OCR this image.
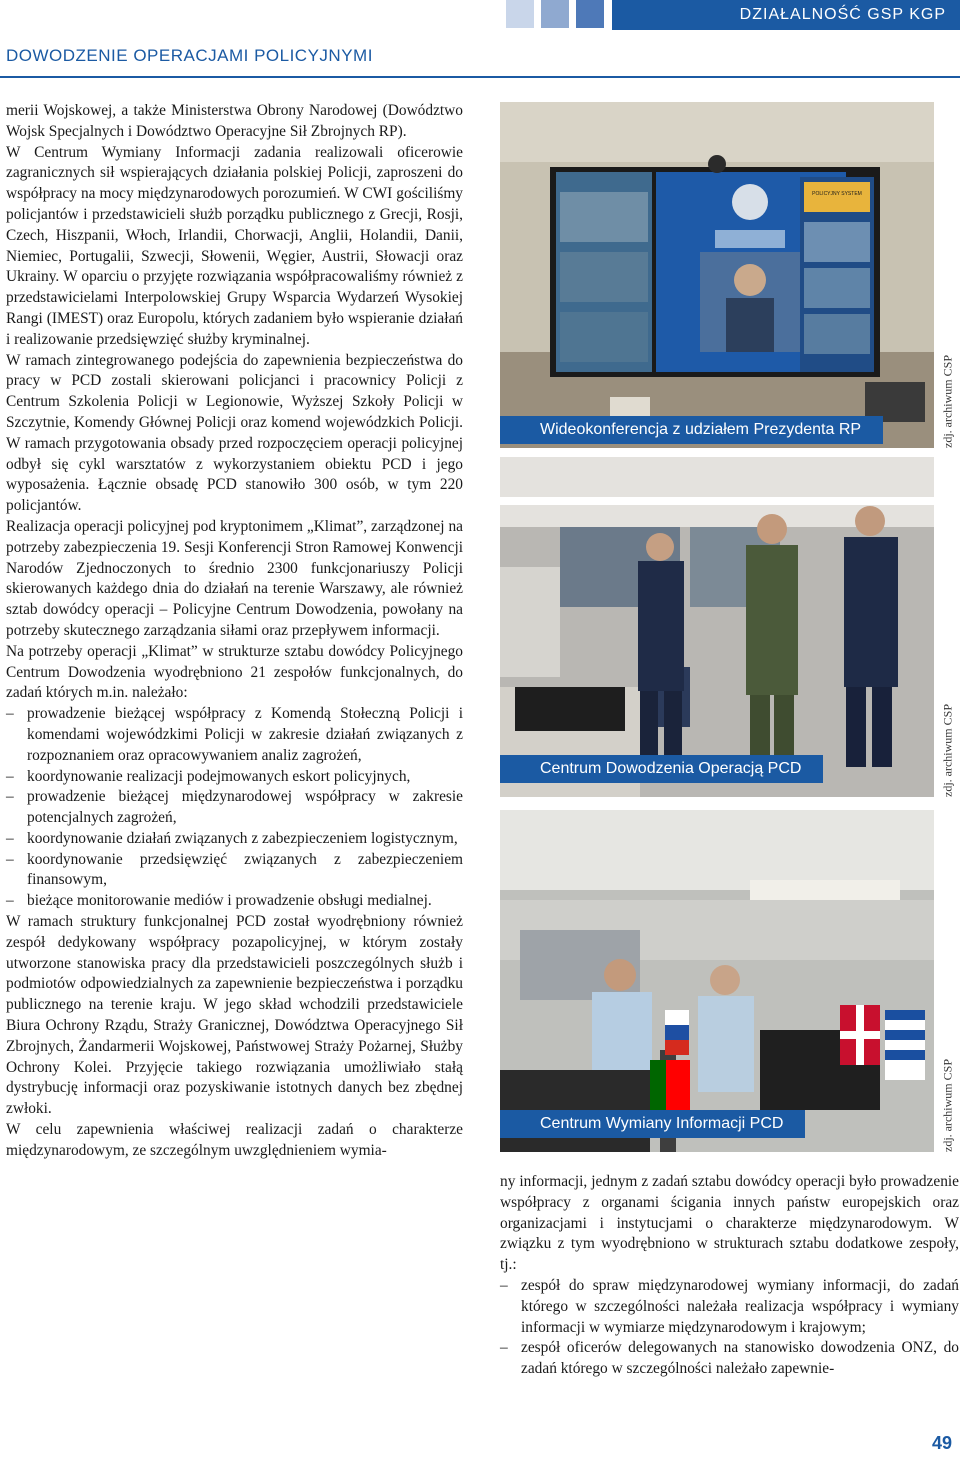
DZIAŁALNOŚĆ GSP KGP
DOWODZENIE OPERACJAMI POLICYJNYMI

merii Wojskowej, a także Ministerstwa Obrony Narodowej (Dowództwo Wojsk Specjalnych i Dowództwo Operacyjne Sił Zbrojnych RP).

W Centrum Wymiany Informacji zadania realizowali oficerowie zagranicznych sił wspierających działania polskiej Policji, zaproszeni do współpracy na mocy międzynarodowych porozumień. W CWI gościliśmy policjantów i przedstawicieli służb porządku publicznego z Grecji, Rosji, Czech, Hiszpanii, Włoch, Irlandii, Chorwacji, Anglii, Holandii, Danii, Niemiec, Portugalii, Szwecji, Słowenii, Węgier, Austrii, Słowacji oraz Ukrainy. W oparciu o przyjęte rozwiązania współpracowaliśmy również z przedstawicielami Interpolowskiej Grupy Wsparcia Wydarzeń Wysokiej Rangi (IMEST) oraz Europolu, których zadaniem było wspieranie działań i realizowanie przedsięwzięć służby kryminalnej.

W ramach zintegrowanego podejścia do zapewnienia bezpieczeństwa do pracy w PCD zostali skierowani policjanci i pracownicy Policji z Centrum Szkolenia Policji w Legionowie, Wyższej Szkoły Policji w Szczytnie, Komendy Głównej Policji oraz komend wojewódzkich Policji. W ramach przygotowania obsady przed rozpoczęciem operacji policyjnej odbył się cykl warsztatów z wykorzystaniem obiektu PCD i jego wyposażenia. Łącznie obsadę PCD stanowiło 300 osób, w tym 220 policjantów.

Realizacja operacji policyjnej pod kryptonimem „Klimat”, zarządzonej na potrzeby zabezpieczenia 19. Sesji Konferencji Stron Ramowej Konwencji Narodów Zjednoczonych to średnio 2300 funkcjonariuszy Policji skierowanych każdego dnia do działań na terenie Warszawy, ale również sztab dowódcy operacji – Policyjne Centrum Dowodzenia, powołany na potrzeby skutecznego zarządzania siłami oraz przepływem informacji.

Na potrzeby operacji „Klimat” w strukturze sztabu dowódcy Policyjnego Centrum Dowodzenia wyodrębniono 21 zespołów funkcjonalnych, do zadań których m.in. należało:

– prowadzenie bieżącej współpracy z Komendą Stołeczną Policji i komendami wojewódzkimi Policji w zakresie działań związanych z rozpoznaniem oraz opracowywaniem analiz zagrożeń,
– koordynowanie realizacji podejmowanych eskort policyjnych,
– prowadzenie bieżącej międzynarodowej współpracy w zakresie potencjalnych zagrożeń,
– koordynowanie działań związanych z zabezpieczeniem logistycznym,
– koordynowanie przedsięwzięć związanych z zabezpieczeniem finansowym,
– bieżące monitorowanie mediów i prowadzenie obsługi medialnej.

W ramach struktury funkcjonalnej PCD został wyodrębniony również zespół dedykowany współpracy pozapolicyjnej, w którym zostały utworzone stanowiska pracy dla przedstawicieli poszczególnych służb i podmiotów odpowiedzialnych za zapewnienie bezpieczeństwa i porządku publicznego na terenie kraju. W jego skład wchodzili przedstawiciele Biura Ochrony Rządu, Straży Granicznej, Dowództwa Operacyjnego Sił Zbrojnych, Żandarmerii Wojskowej, Państwowej Straży Pożarnej, Służby Ochrony Kolei. Przyjęcie takiego rozwiązania umożliwiało stałą dystrybucję informacji oraz pozyskiwanie istotnych danych bez zbędnej zwłoki.

W celu zapewnienia właściwej realizacji zadań o charakterze międzynarodowym, ze szczególnym uwzględnieniem wymia-

POLICYJNY SYSTEM
Wideokonferencja z udziałem Prezydenta RP	zdj. archiwum CSP
Centrum Dowodzenia Operacją PCD	zdj. archiwum CSP
Centrum Wymiany Informacji PCD	zdj. archiwum CSP

ny informacji, jednym z zadań sztabu dowódcy operacji było prowadzenie współpracy z organami ścigania innych państw europejskich oraz organizacjami i instytucjami o charakterze międzynarodowym. W związku z tym wyodrębniono w strukturach sztabu dodatkowe zespoły, tj.:

– zespół do spraw międzynarodowej wymiany informacji, do zadań którego w szczególności należała realizacja współpracy i wymiany informacji w wymiarze międzynarodowym i krajowym;
– zespół oficerów delegowanych na stanowisko dowodzenia ONZ, do zadań którego w szczególności należało zapewnie-
49
